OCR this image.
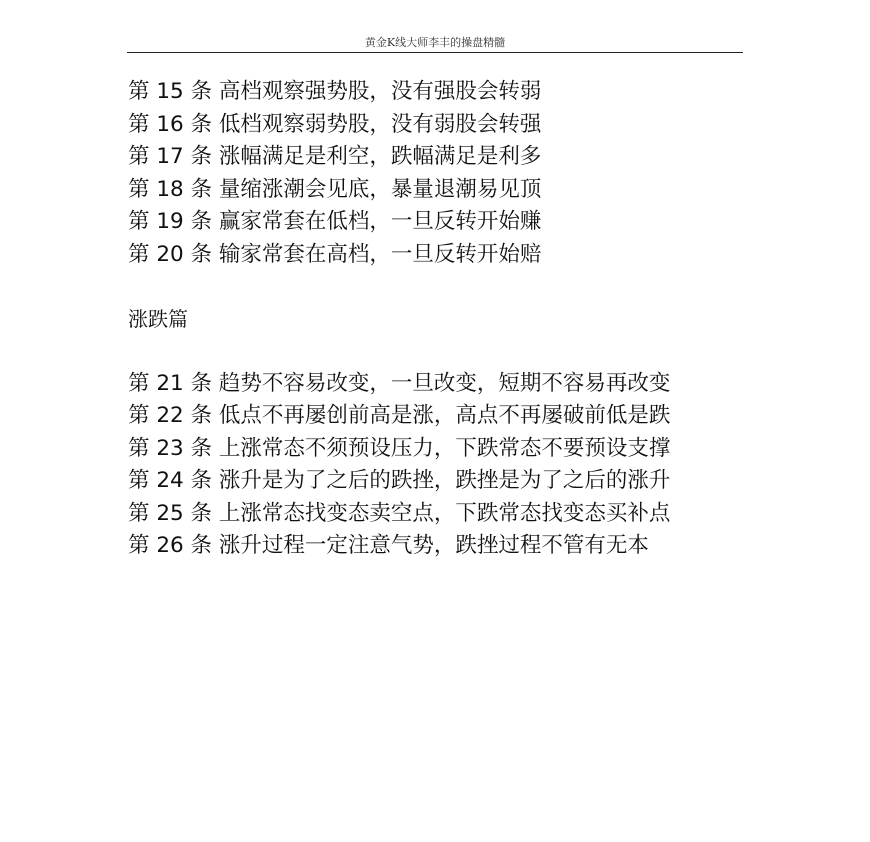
黄金K线大师李丰的操盘精髓

第 15 条 高档观察强势股，没有强股会转弱

第 16 条 低档观察弱势股，没有弱股会转强

第 17 条 涨幅满足是利空，跌幅满足是利多

第 18 条 量缩涨潮会见底，暴量退潮易见顶

第 19 条 赢家常套在低档，一旦反转开始赚

第 20 条 输家常套在高档，一旦反转开始赔

涨跌篇

第 21 条 趋势不容易改变，一旦改变，短期不容易再改变

第 22 条 低点不再屡创前高是涨，高点不再屡破前低是跌

第 23 条 上涨常态不须预设压力，下跌常态不要预设支撑

第 24 条 涨升是为了之后的跌挫，跌挫是为了之后的涨升

第 25 条 上涨常态找变态卖空点，下跌常态找变态买补点

第 26 条 涨升过程一定注意气势，跌挫过程不管有无本
